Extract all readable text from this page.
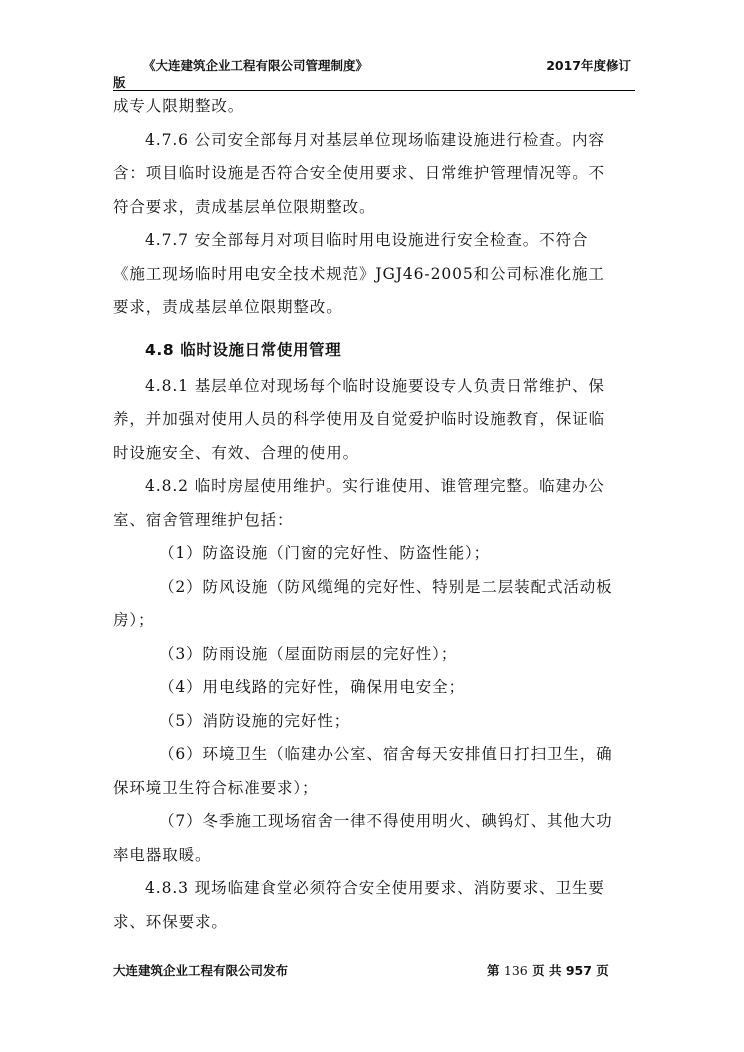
《大连建筑企业工程有限公司管理制度》	2017年度修订
版
成专人限期整改。
4.7.6 公司安全部每月对基层单位现场临建设施进行检查。内容
含：项目临时设施是否符合安全使用要求、日常维护管理情况等。不
符合要求，责成基层单位限期整改。
4.7.7 安全部每月对项目临时用电设施进行安全检查。不符合
《施工现场临时用电安全技术规范》JGJ46-2005和公司标准化施工
要求，责成基层单位限期整改。
4.8 临时设施日常使用管理
4.8.1 基层单位对现场每个临时设施要设专人负责日常维护、保
养，并加强对使用人员的科学使用及自觉爱护临时设施教育，保证临
时设施安全、有效、合理的使用。
4.8.2 临时房屋使用维护。实行谁使用、谁管理完整。临建办公
室、宿舍管理维护包括：
（1）防盗设施（门窗的完好性、防盗性能）；
（2）防风设施（防风缆绳的完好性、特别是二层装配式活动板
房）；
（3）防雨设施（屋面防雨层的完好性）；
（4）用电线路的完好性，确保用电安全；
（5）消防设施的完好性；
（6）环境卫生（临建办公室、宿舍每天安排值日打扫卫生，确
保环境卫生符合标准要求）；
（7）冬季施工现场宿舍一律不得使用明火、碘钨灯、其他大功
率电器取暖。
4.8.3 现场临建食堂必须符合安全使用要求、消防要求、卫生要
求、环保要求。
大连建筑企业工程有限公司发布	第 136 页 共 957 页
